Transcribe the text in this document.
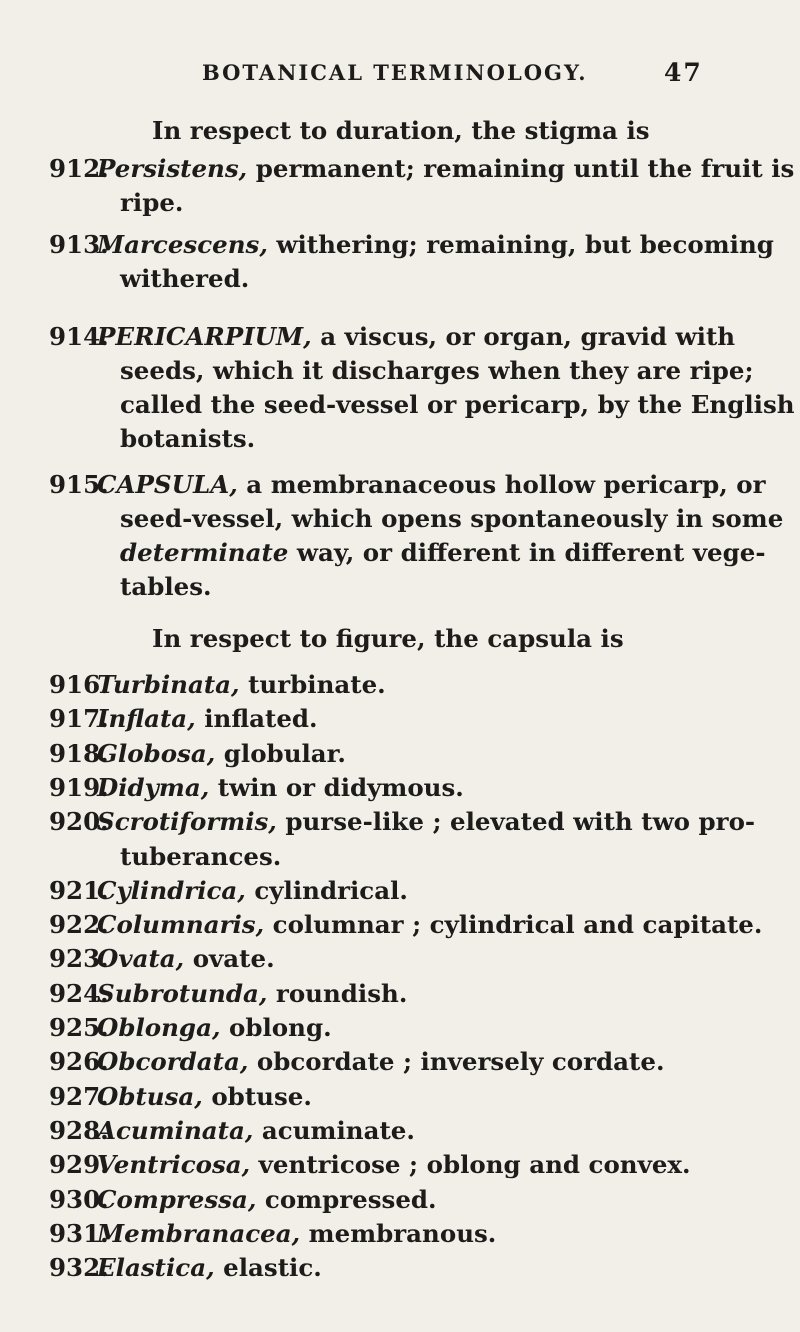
BOTANICAL TERMINOLOGY.	47
In respect to duration, the stigma is
912.Persistens, permanent; remaining until the fruit is
ripe.
913.Marcescens, withering; remaining, but becoming
withered.
914.PERICARPIUM, a viscus, or organ, gravid with
seeds, which it discharges when they are ripe;
called the seed-vessel or pericarp, by the English
botanists.
915.CAPSULA, a membranaceous hollow pericarp, or
seed-vessel, which opens spontaneously in some
determinate way, or different in different vege-
tables.
In respect to figure, the capsula is
916.Turbinata, turbinate.
917.Inflata, inflated.
918.Globosa, globular.
919.Didyma, twin or didymous.
920.Scrotiformis, purse-like ; elevated with two pro-
tuberances.
921.Cylindrica, cylindrical.
922.Columnaris, columnar ; cylindrical and capitate.
923.Ovata, ovate.
924.Subrotunda, roundish.
925.Oblonga, oblong.
926.Obcordata, obcordate ; inversely cordate.
927.Obtusa, obtuse.
928.Acuminata, acuminate.
929.Ventricosa, ventricose ; oblong and convex.
930.Compressa, compressed.
931.Membranacea, membranous.
932.Elastica, elastic.
